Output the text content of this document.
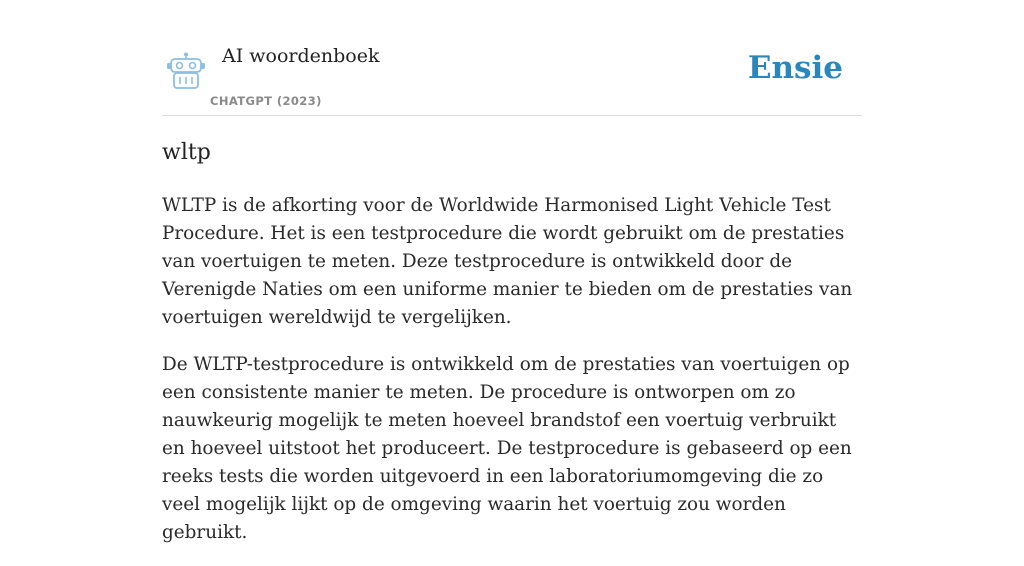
AI woordenboek
CHATGPT (2023)
Ensie
wltp

WLTP is de afkorting voor de Worldwide Harmonised Light Vehicle Test Procedure. Het is een testprocedure die wordt gebruikt om de prestaties van voertuigen te meten. Deze testprocedure is ontwikkeld door de Verenigde Naties om een uniforme manier te bieden om de prestaties van voertuigen wereldwijd te vergelijken.

De WLTP-testprocedure is ontwikkeld om de prestaties van voertuigen op een consistente manier te meten. De procedure is ontworpen om zo nauwkeurig mogelijk te meten hoeveel brandstof een voertuig verbruikt en hoeveel uitstoot het produceert. De testprocedure is gebaseerd op een reeks tests die worden uitgevoerd in een laboratoriumomgeving die zo veel mogelijk lijkt op de omgeving waarin het voertuig zou worden gebruikt.
